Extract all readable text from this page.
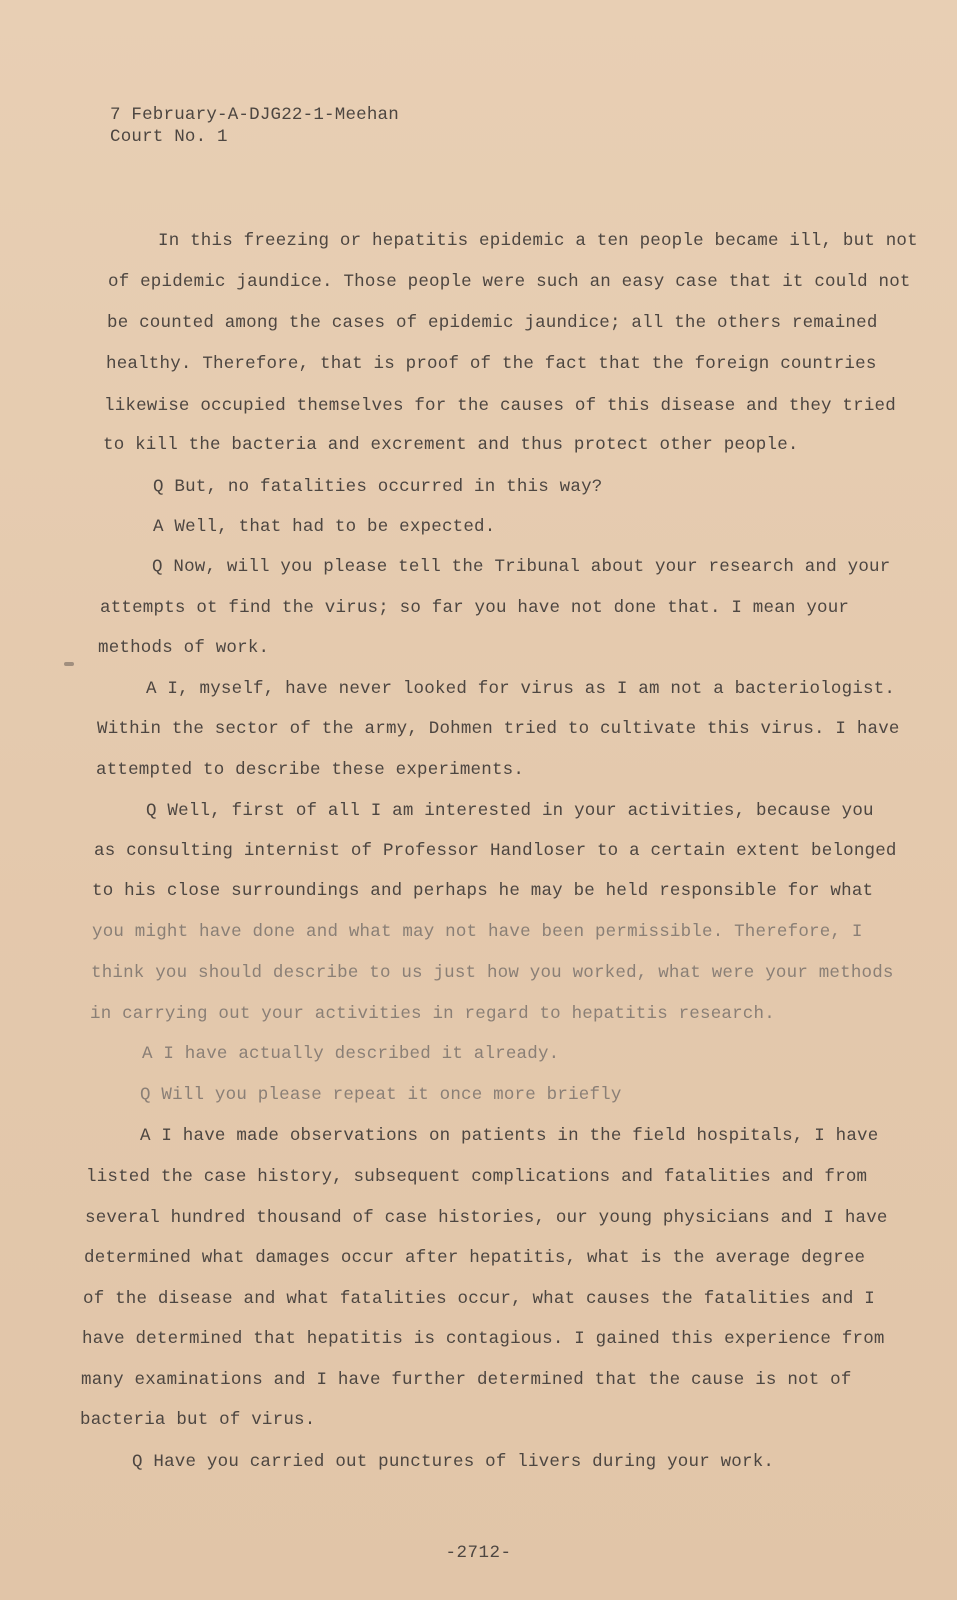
7 February-A-DJG22-1-Meehan
Court No. 1
In this freezing or hepatitis epidemic a ten people became ill, but not
of epidemic jaundice. Those people were such an easy case that it could not
be counted among the cases of epidemic jaundice; all the others remained
healthy. Therefore, that is proof of the fact that the foreign countries
likewise occupied themselves for the causes of this disease and they tried
to kill the bacteria and excrement and thus protect other people.
Q But, no fatalities occurred in this way?
A Well, that had to be expected.
Q Now, will you please tell the Tribunal about your research and your
attempts ot find the virus; so far you have not done that. I mean your
methods of work.
A I, myself, have never looked for virus as I am not a bacteriologist.
Within the sector of the army, Dohmen tried to cultivate this virus. I have
attempted to describe these experiments.
Q Well, first of all I am interested in your activities, because you
as consulting internist of Professor Handloser to a certain extent belonged
to his close surroundings and perhaps he may be held responsible for what
you might have done and what may not have been permissible. Therefore, I
think you should describe to us just how you worked, what were your methods
in carrying out your activities in regard to hepatitis research.
A I have actually described it already.
Q Will you please repeat it once more briefly
A I have made observations on patients in the field hospitals, I have
listed the case history, subsequent complications and fatalities and from
several hundred thousand of case histories, our young physicians and I have
determined what damages occur after hepatitis, what is the average degree
of the disease and what fatalities occur, what causes the fatalities and I
have determined that hepatitis is contagious. I gained this experience from
many examinations and I have further determined that the cause is not of
bacteria but of virus.
Q Have you carried out punctures of livers during your work.
-2712-
